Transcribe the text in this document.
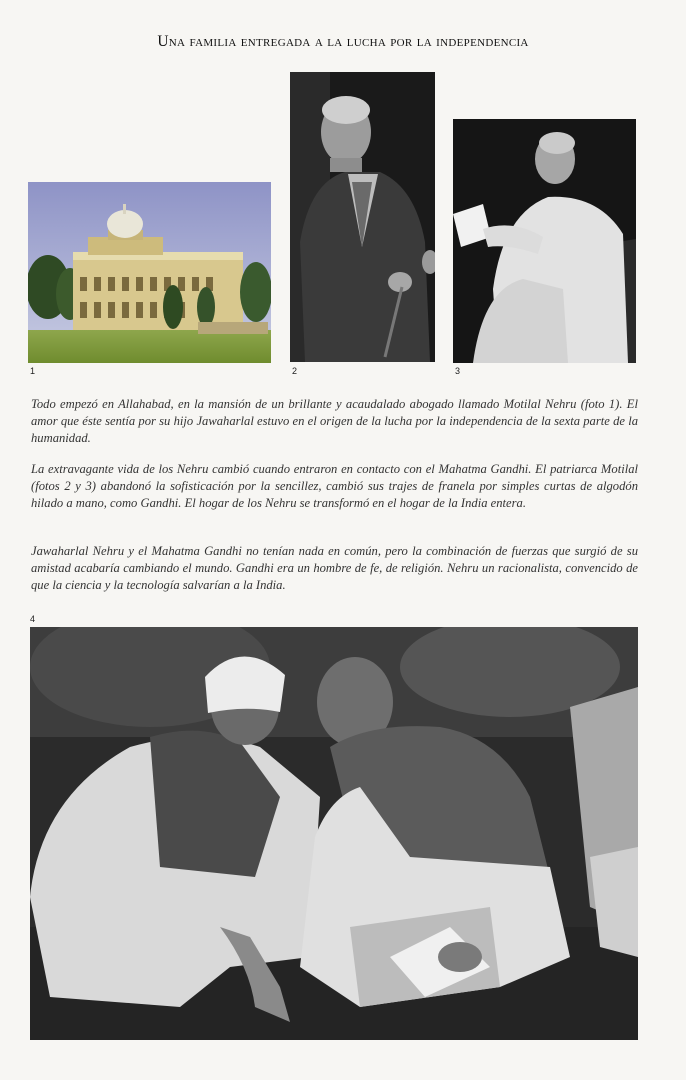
Una familia entregada a la lucha por la independencia
1	2	3
Todo empezó en Allahabad, en la mansión de un brillante y acaudalado abogado llamado Motilal Nehru (foto 1). El amor que éste sentía por su hijo Jawaharlal estuvo en el origen de la lucha por la independencia de la sexta parte de la humanidad.
La extravagante vida de los Nehru cambió cuando entraron en contacto con el Mahatma Gandhi. El patriarca Motilal (fotos 2 y 3) abandonó la sofisticación por la sencillez, cambió sus trajes de franela por simples curtas de algodón hilado a mano, como Gandhi. El hogar de los Nehru se transformó en el hogar de la India entera.
Jawaharlal Nehru y el Mahatma Gandhi no tenían nada en común, pero la combinación de fuerzas que surgió de su amistad acabaría cambiando el mundo. Gandhi era un hombre de fe, de religión. Nehru un racionalista, convencido de que la ciencia y la tecnología salvarían a la India.
4
